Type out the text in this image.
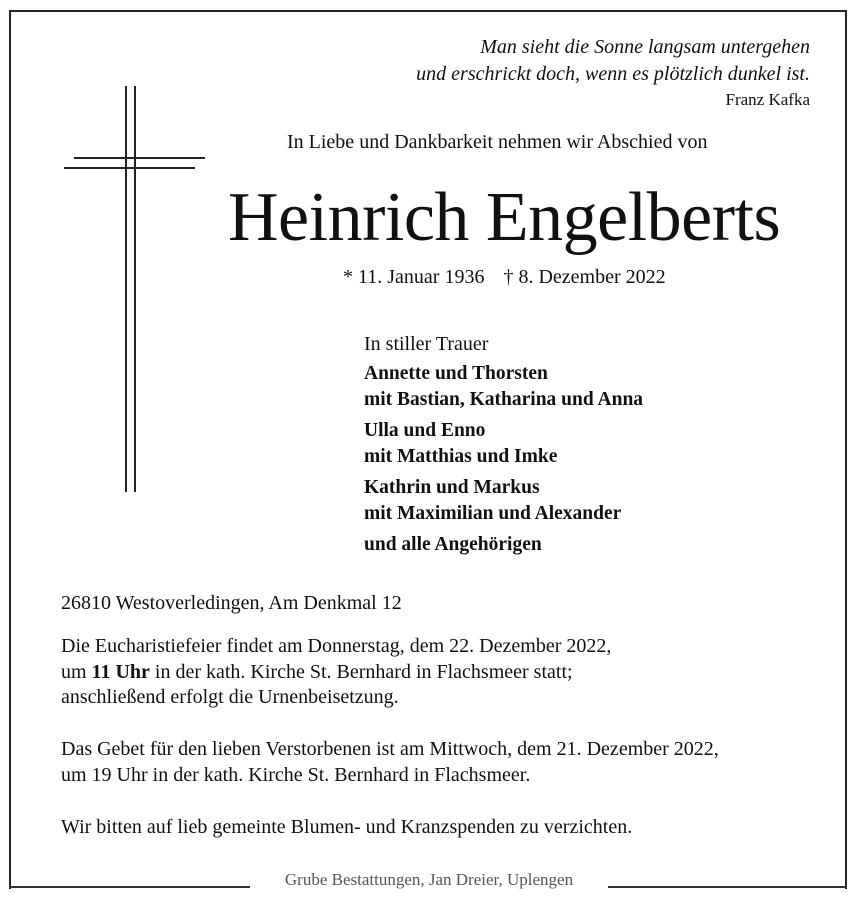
Man sieht die Sonne langsam untergehen
und erschrickt doch, wenn es plötzlich dunkel ist.
Franz Kafka
In Liebe und Dankbarkeit nehmen wir Abschied von
Heinrich Engelberts
* 11. Januar 1936 † 8. Dezember 2022
In stiller Trauer
Annette und Thorsten
mit Bastian, Katharina und Anna
Ulla und Enno
mit Matthias und Imke
Kathrin und Markus
mit Maximilian und Alexander
und alle Angehörigen
26810 Westoverledingen, Am Denkmal 12
Die Eucharistiefeier findet am Donnerstag, dem 22. Dezember 2022,
um 11 Uhr in der kath. Kirche St. Bernhard in Flachsmeer statt;
anschließend erfolgt die Urnenbeisetzung.
Das Gebet für den lieben Verstorbenen ist am Mittwoch, dem 21. Dezember 2022,
um 19 Uhr in der kath. Kirche St. Bernhard in Flachsmeer.
Wir bitten auf lieb gemeinte Blumen- und Kranzspenden zu verzichten.
Grube Bestattungen, Jan Dreier, Uplengen
